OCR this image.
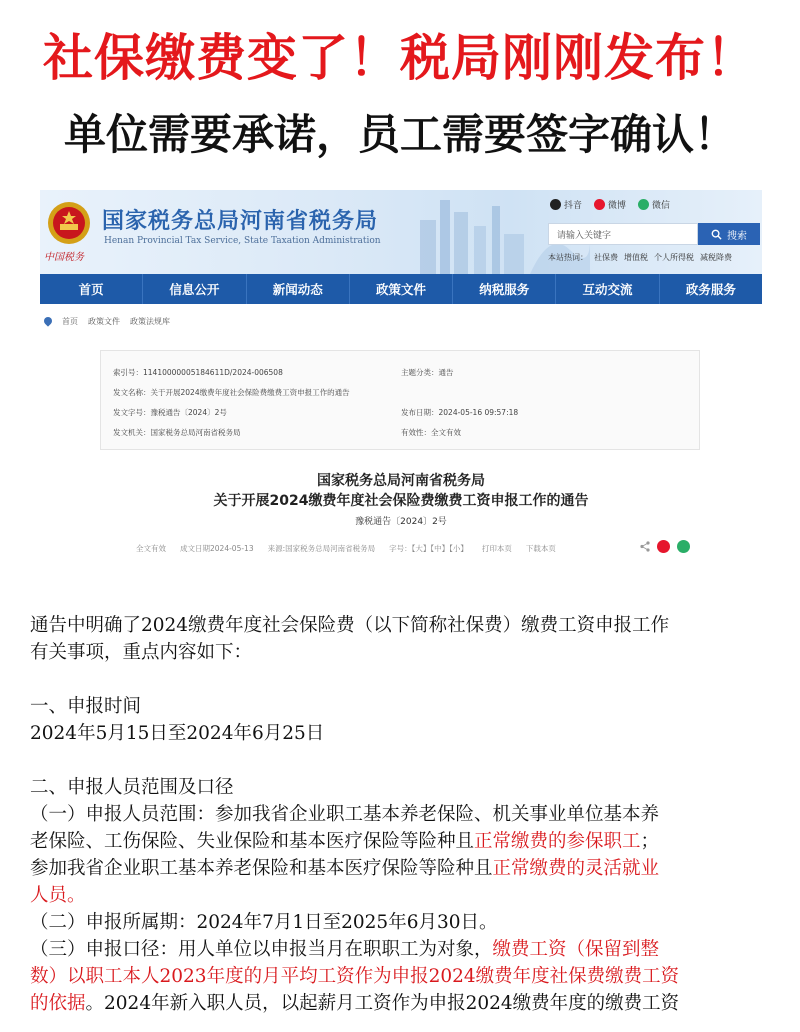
社保缴费变了！税局刚刚发布！
单位需要承诺，员工需要签字确认！
中国税务
国家税务总局河南省税务局
Henan Provincial Tax Service, State Taxation Administration
抖音	微博	微信
请输入关键字	搜索
本站热词： 社保费 增值税 个人所得税 减税降费
首页	信息公开	新闻动态	政策文件	纳税服务	互动交流	政务服务
首页 政策文件 政策法规库
索引号：11410000005184611D/2024-006508	主题分类：通告
发文名称：关于开展2024缴费年度社会保险费缴费工资申报工作的通告
发文字号：豫税通告〔2024〕2号	发布日期：2024-05-16 09:57:18
发文机关：国家税务总局河南省税务局	有效性：全文有效
国家税务总局河南省税务局
关于开展2024缴费年度社会保险费缴费工资申报工作的通告
豫税通告〔2024〕2号
全文有效 成文日期2024-05-13 来源:国家税务总局河南省税务局 字号：【大】【中】【小】 打印本页 下载本页
通告中明确了2024缴费年度社会保险费（以下简称社保费）缴费工资申报工作
有关事项，重点内容如下：
一、申报时间
2024年5月15日至2024年6月25日
二、申报人员范围及口径
（一）申报人员范围：参加我省企业职工基本养老保险、机关事业单位基本养
老保险、工伤保险、失业保险和基本医疗保险等险种且正常缴费的参保职工；
参加我省企业职工基本养老保险和基本医疗保险等险种且正常缴费的灵活就业
人员。
（二）申报所属期：2024年7月1日至2025年6月30日。
（三）申报口径：用人单位以申报当月在职职工为对象，缴费工资（保留到整
数）以职工本人2023年度的月平均工资作为申报2024缴费年度社保费缴费工资
的依据。2024年新入职人员，以起薪月工资作为申报2024缴费年度的缴费工资
